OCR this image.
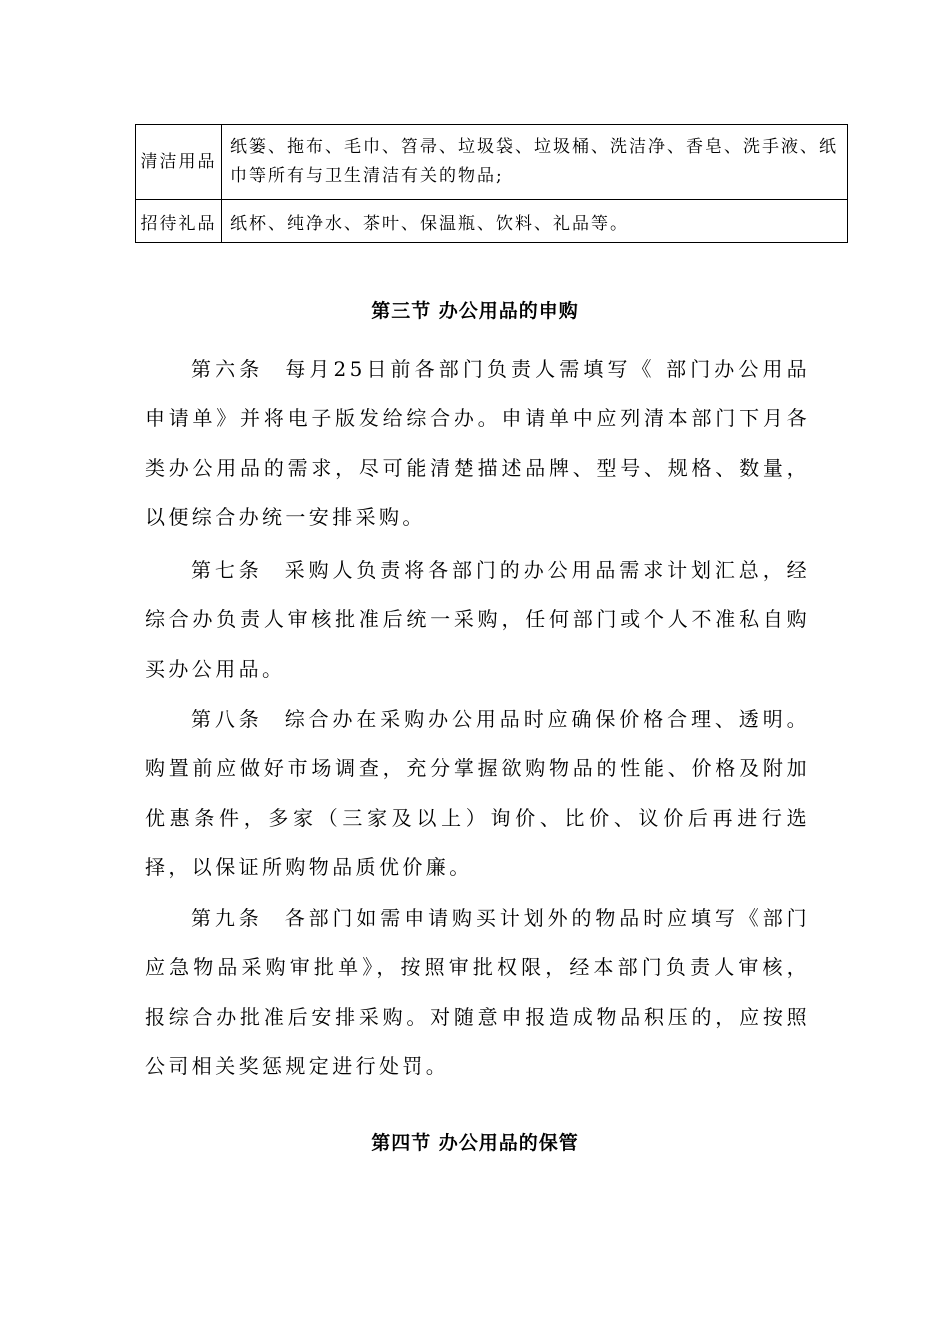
清洁用品	纸篓、拖布、毛巾、笤帚、垃圾袋、垃圾桶、洗洁净、香皂、洗手液、纸巾等所有与卫生清洁有关的物品;
招待礼品	纸杯、纯净水、茶叶、保温瓶、饮料、礼品等。
第三节 办公用品的申购

第六条 每月25日前各部门负责人需填写《 部门办公用品申请单》并将电子版发给综合办。申请单中应列清本部门下月各类办公用品的需求，尽可能清楚描述品牌、型号、规格、数量，以便综合办统一安排采购。

第七条 采购人负责将各部门的办公用品需求计划汇总，经综合办负责人审核批准后统一采购，任何部门或个人不准私自购买办公用品。

第八条 综合办在采购办公用品时应确保价格合理、透明。购置前应做好市场调查，充分掌握欲购物品的性能、价格及附加优惠条件，多家（三家及以上）询价、比价、议价后再进行选择，以保证所购物品质优价廉。

第九条 各部门如需申请购买计划外的物品时应填写《部门应急物品采购审批单》，按照审批权限，经本部门负责人审核，报综合办批准后安排采购。对随意申报造成物品积压的，应按照公司相关奖惩规定进行处罚。

第四节 办公用品的保管
